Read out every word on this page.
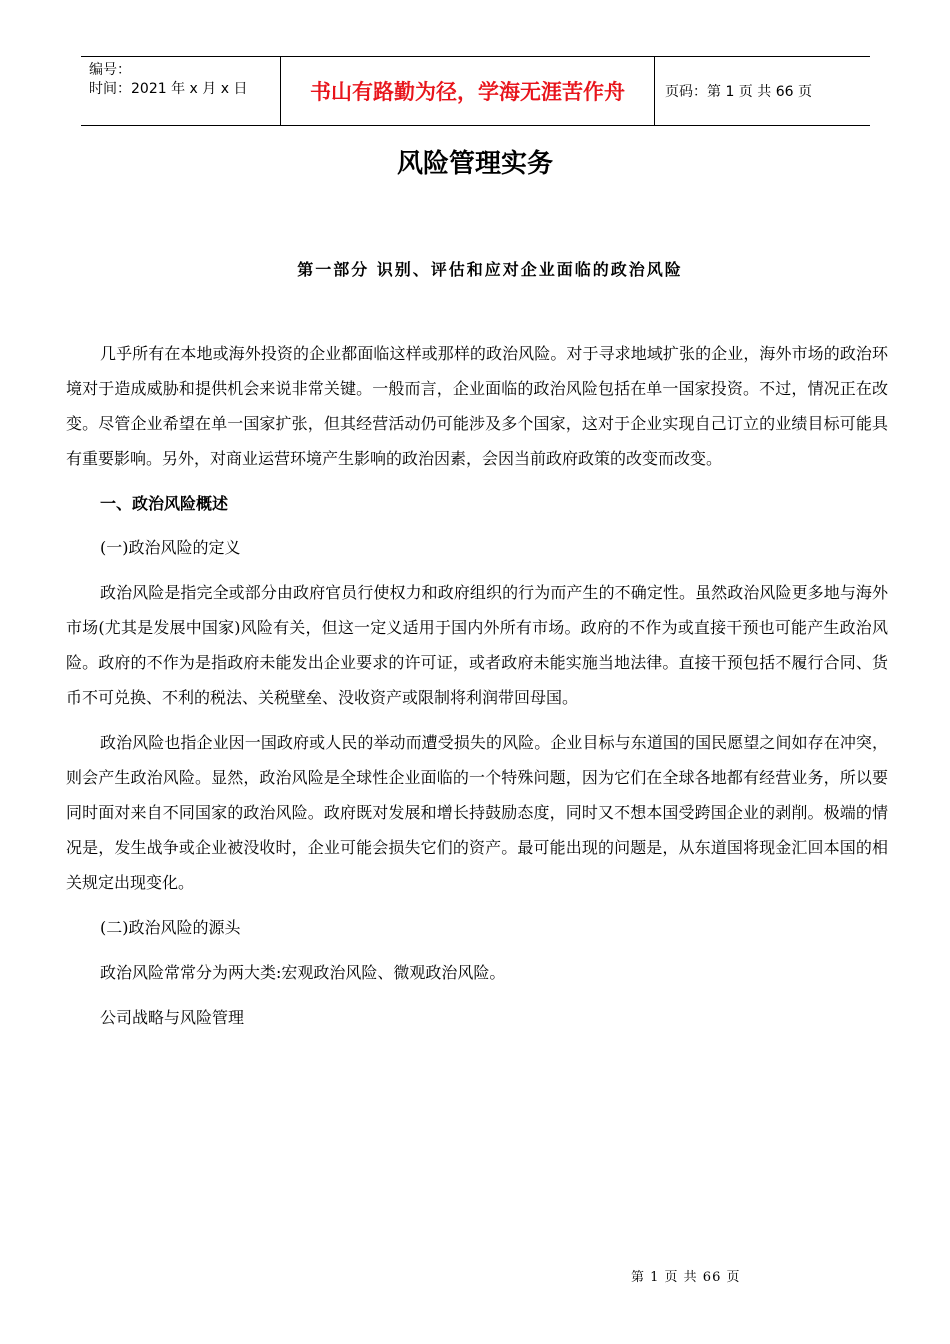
编号：
时间：2021 年 x 月 x 日	书山有路勤为径，学海无涯苦作舟	页码：第 1 页 共 66 页
风险管理实务
第一部分 识别、评估和应对企业面临的政治风险

几乎所有在本地或海外投资的企业都面临这样或那样的政治风险。对于寻求地域扩张的企业，海外市场的政治环境对于造成威胁和提供机会来说非常关键。一般而言，企业面临的政治风险包括在单一国家投资。不过，情况正在改变。尽管企业希望在单一国家扩张，但其经营活动仍可能涉及多个国家，这对于企业实现自己订立的业绩目标可能具有重要影响。另外，对商业运营环境产生影响的政治因素，会因当前政府政策的改变而改变。

一、政治风险概述

(一)政治风险的定义

政治风险是指完全或部分由政府官员行使权力和政府组织的行为而产生的不确定性。虽然政治风险更多地与海外市场(尤其是发展中国家)风险有关，但这一定义适用于国内外所有市场。政府的不作为或直接干预也可能产生政治风险。政府的不作为是指政府未能发出企业要求的许可证，或者政府未能实施当地法律。直接干预包括不履行合同、货币不可兑换、不利的税法、关税壁垒、没收资产或限制将利润带回母国。

政治风险也指企业因一国政府或人民的举动而遭受损失的风险。企业目标与东道国的国民愿望之间如存在冲突，则会产生政治风险。显然，政治风险是全球性企业面临的一个特殊问题，因为它们在全球各地都有经营业务，所以要同时面对来自不同国家的政治风险。政府既对发展和增长持鼓励态度，同时又不想本国受跨国企业的剥削。极端的情况是，发生战争或企业被没收时，企业可能会损失它们的资产。最可能出现的问题是，从东道国将现金汇回本国的相关规定出现变化。

(二)政治风险的源头

政治风险常常分为两大类:宏观政治风险、微观政治风险。

公司战略与风险管理

第 1 页 共 66 页
